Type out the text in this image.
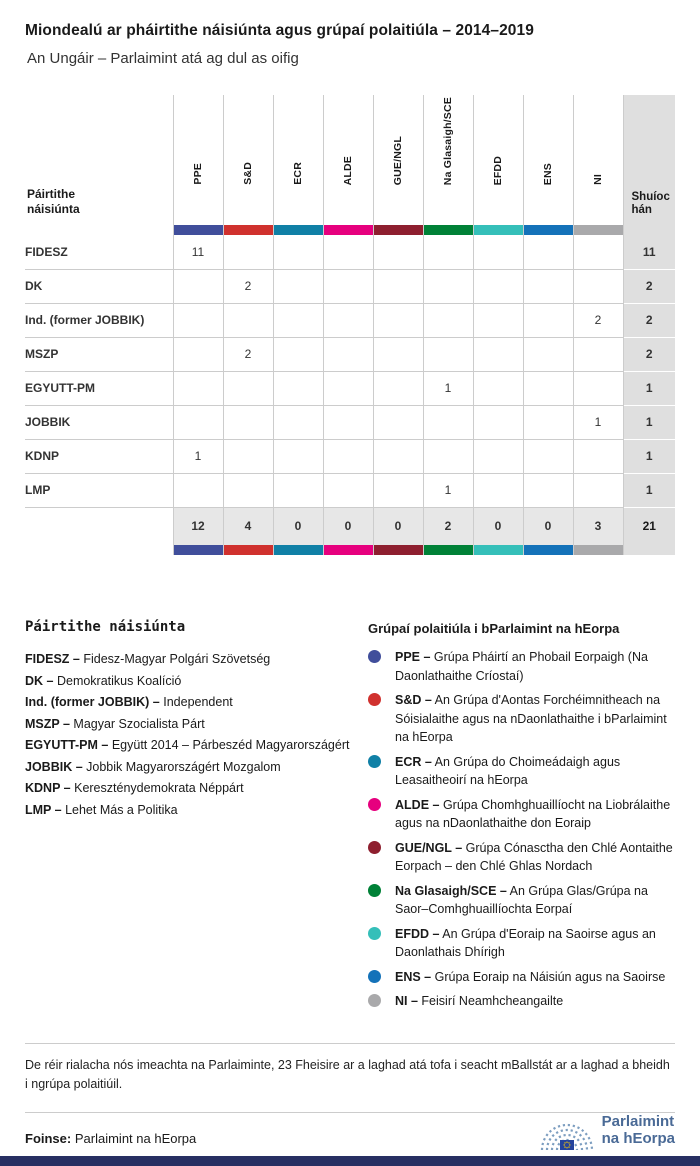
Miondealú ar pháirtithe náisiúnta agus grúpaí polaitiúla – 2014–2019
An Ungáir – Parlaimint atá ag dul as oifig
Páirtithe náisiúnta	PPE	S&D	ECR	ALDE	GUE/NGL	Na Glasaigh/SCE	EFDD	ENS	NI	Shuíochán

FIDESZ	11									11
DK		2								2
Ind. (former JOBBIK)									2	2
MSZP		2								2
EGYUTT-PM						1				1
JOBBIK									1	1
KDNP	1									1
LMP						1				1
	12	4	0	0	0	2	0	0	3	21

Páirtithe náisiúnta
FIDESZ – Fidesz-Magyar Polgári Szövetség
DK – Demokratikus Koalíció
Ind. (former JOBBIK) – Independent
MSZP – Magyar Szocialista Párt
EGYUTT-PM – Együtt 2014 – Párbeszéd Magyarországért
JOBBIK – Jobbik Magyarországért Mozgalom
KDNP – Kereszténydemokrata Néppárt
LMP – Lehet Más a Politika
Grúpaí polaitiúla i bParlaimint na hEorpa
PPE – Grúpa Pháirtí an Phobail Eorpaigh (Na Daonlathaithe Críostaí)
S&D – An Grúpa d'Aontas Forchéimnitheach na Sóisialaithe agus na nDaonlathaithe i bParlaimint na hEorpa
ECR – An Grúpa do Choimeádaigh agus Leasaitheoirí na hEorpa
ALDE – Grúpa Chomhghuaillíocht na Liobrálaithe agus na nDaonlathaithe don Eoraip
GUE/NGL – Grúpa Cónasctha den Chlé Aontaithe Eorpach – den Chlé Ghlas Nordach
Na Glasaigh/SCE – An Grúpa Glas/Grúpa na Saor–Comhghuaillíochta Eorpaí
EFDD – An Grúpa d'Eoraip na Saoirse agus an Daonlathais Dhírigh
ENS – Grúpa Eoraip na Náisiún agus na Saoirse
NI – Feisirí Neamhcheangailte
De réir rialacha nós imeachta na Parlaiminte, 23 Fheisire ar a laghad atá tofa i seacht mBallstát ar a laghad a bheidh i ngrúpa polaitiúil.
Foinse: Parlaimint na hEorpa
Parlaimint
na hEorpa
